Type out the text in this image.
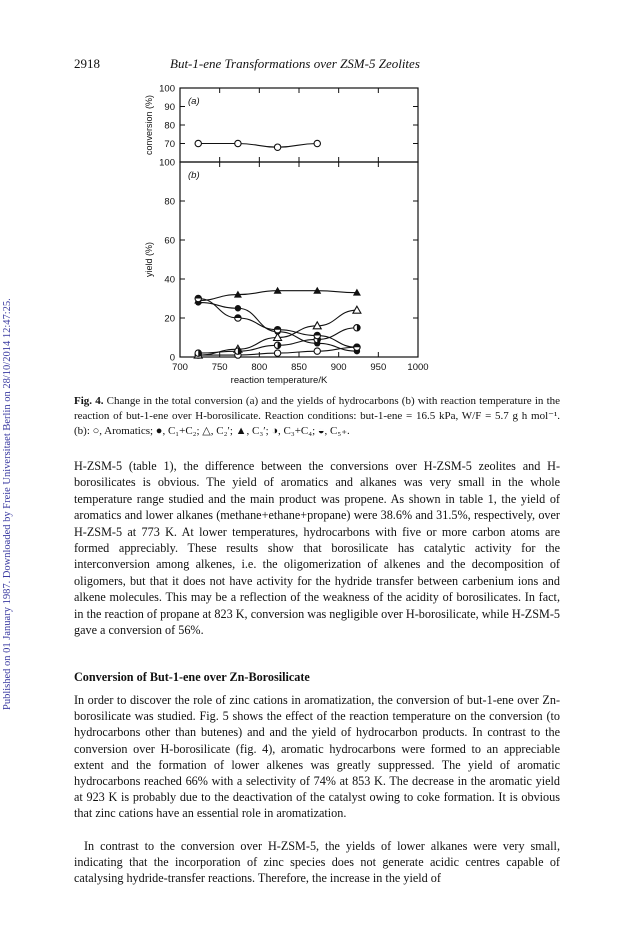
2918	But-1-ene Transformations over ZSM-5 Zeolites
Published on 01 January 1987. Downloaded by Freie Universitaet Berlin on 28/10/2014 12:47:25.
70
80
90
100
(a)
conversion (%)
0
20
40
60
80
100
(b)
yield (%)
700	750	800	850	900	950 1000
reaction temperature/K
Fig. 4. Change in the total conversion (a) and the yields of hydrocarbons (b) with reaction temperature in the reaction of but-1-ene over H-borosilicate. Reaction conditions: but-1-ene = 16.5 kPa, W/F = 5.7 g h mol⁻¹. (b): ○, Aromatics; ●, C₁+C₂; △, C₂′; ▲, C₃′; ◑, C₃+C₄; ◒, C₅₊.
H-ZSM-5 (table 1), the difference between the conversions over H-ZSM-5 zeolites and H-borosilicates is obvious. The yield of aromatics and alkanes was very small in the whole temperature range studied and the main product was propene. As shown in table 1, the yield of aromatics and lower alkanes (methane+ethane+propane) were 38.6% and 31.5%, respectively, over H-ZSM-5 at 773 K. At lower temperatures, hydrocarbons with five or more carbon atoms are formed appreciably. These results show that borosilicate has catalytic activity for the interconversion among alkenes, i.e. the oligomerization of alkenes and the decomposition of oligomers, but that it does not have activity for the hydride transfer between carbenium ions and alkene molecules. This may be a reflection of the weakness of the acidity of borosilicates. In fact, in the reaction of propane at 823 K, conversion was negligible over H-borosilicate, while H-ZSM-5 gave a conversion of 56%.
Conversion of But-1-ene over Zn-Borosilicate
In order to discover the role of zinc cations in aromatization, the conversion of but-1-ene over Zn-borosilicate was studied. Fig. 5 shows the effect of the reaction temperature on the conversion (to hydrocarbons other than butenes) and and the yield of hydrocarbon products. In contrast to the conversion over H-borosilicate (fig. 4), aromatic hydrocarbons were formed to an appreciable extent and the formation of lower alkenes was greatly suppressed. The yield of aromatic hydrocarbons reached 66% with a selectivity of 74% at 853 K. The decrease in the aromatic yield at 923 K is probably due to the deactivation of the catalyst owing to coke formation. It is obvious that zinc cations have an essential role in aromatization.
In contrast to the conversion over H-ZSM-5, the yields of lower alkanes were very small, indicating that the incorporation of zinc species does not generate acidic centres capable of catalysing hydride-transfer reactions. Therefore, the increase in the yield of
